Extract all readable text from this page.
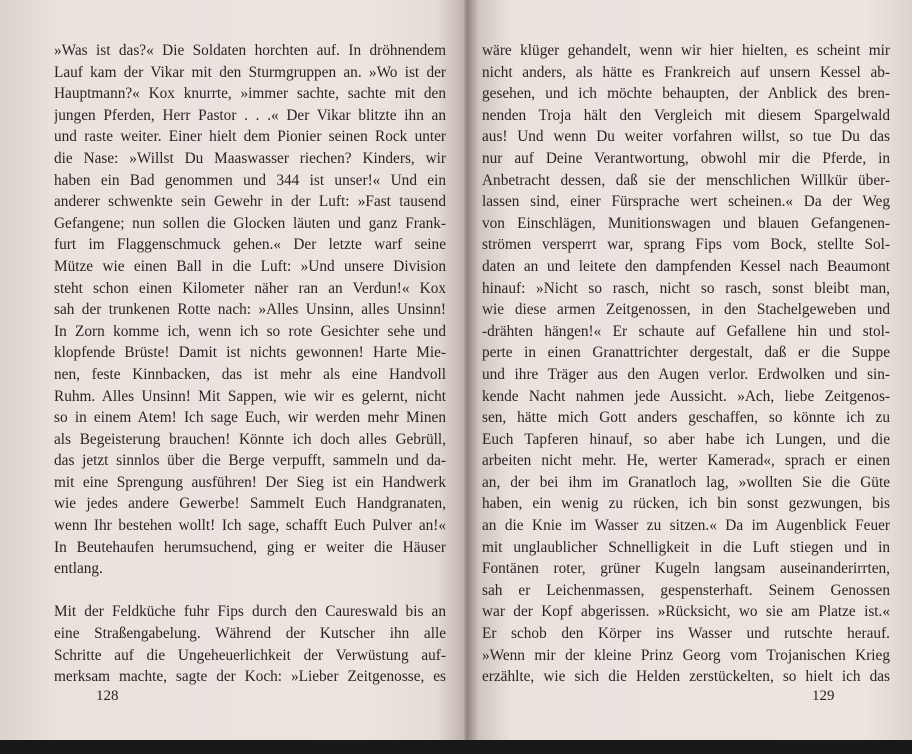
»Was ist das?« Die Soldaten horchten auf. In dröhnendem
Lauf kam der Vikar mit den Sturmgruppen an. »Wo ist der
Hauptmann?« Kox knurrte, »immer sachte, sachte mit den
jungen Pferden, Herr Pastor . . .« Der Vikar blitzte ihn an
und raste weiter. Einer hielt dem Pionier seinen Rock unter
die Nase: »Willst Du Maaswasser riechen? Kinders, wir
haben ein Bad genommen und 344 ist unser!« Und ein
anderer schwenkte sein Gewehr in der Luft: »Fast tausend
Gefangene; nun sollen die Glocken läuten und ganz Frank-
furt im Flaggenschmuck gehen.« Der letzte warf seine
Mütze wie einen Ball in die Luft: »Und unsere Division
steht schon einen Kilometer näher ran an Verdun!« Kox
sah der trunkenen Rotte nach: »Alles Unsinn, alles Unsinn!
In Zorn komme ich, wenn ich so rote Gesichter sehe und
klopfende Brüste! Damit ist nichts gewonnen! Harte Mie-
nen, feste Kinnbacken, das ist mehr als eine Handvoll
Ruhm. Alles Unsinn! Mit Sappen, wie wir es gelernt, nicht
so in einem Atem! Ich sage Euch, wir werden mehr Minen
als Begeisterung brauchen! Könnte ich doch alles Gebrüll,
das jetzt sinnlos über die Berge verpufft, sammeln und da-
mit eine Sprengung ausführen! Der Sieg ist ein Handwerk
wie jedes andere Gewerbe! Sammelt Euch Handgranaten,
wenn Ihr bestehen wollt! Ich sage, schafft Euch Pulver an!«
In Beutehaufen herumsuchend, ging er weiter die Häuser
entlang.
Mit der Feldküche fuhr Fips durch den Caureswald bis an
eine Straßengabelung. Während der Kutscher ihn alle
Schritte auf die Ungeheuerlichkeit der Verwüstung auf-
merksam machte, sagte der Koch: »Lieber Zeitgenosse, es
128
wäre klüger gehandelt, wenn wir hier hielten, es scheint mir
nicht anders, als hätte es Frankreich auf unsern Kessel ab-
gesehen, und ich möchte behaupten, der Anblick des bren-
nenden Troja hält den Vergleich mit diesem Spargelwald
aus! Und wenn Du weiter vorfahren willst, so tue Du das
nur auf Deine Verantwortung, obwohl mir die Pferde, in
Anbetracht dessen, daß sie der menschlichen Willkür über-
lassen sind, einer Fürsprache wert scheinen.« Da der Weg
von Einschlägen, Munitionswagen und blauen Gefangenen-
strömen versperrt war, sprang Fips vom Bock, stellte Sol-
daten an und leitete den dampfenden Kessel nach Beaumont
hinauf: »Nicht so rasch, nicht so rasch, sonst bleibt man,
wie diese armen Zeitgenossen, in den Stachelgeweben und
-drähten hängen!« Er schaute auf Gefallene hin und stol-
perte in einen Granattrichter dergestalt, daß er die Suppe
und ihre Träger aus den Augen verlor. Erdwolken und sin-
kende Nacht nahmen jede Aussicht. »Ach, liebe Zeitgenos-
sen, hätte mich Gott anders geschaffen, so könnte ich zu
Euch Tapferen hinauf, so aber habe ich Lungen, und die
arbeiten nicht mehr. He, werter Kamerad«, sprach er einen
an, der bei ihm im Granatloch lag, »wollten Sie die Güte
haben, ein wenig zu rücken, ich bin sonst gezwungen, bis
an die Knie im Wasser zu sitzen.« Da im Augenblick Feuer
mit unglaublicher Schnelligkeit in die Luft stiegen und in
Fontänen roter, grüner Kugeln langsam auseinanderirrten,
sah er Leichenmassen, gespensterhaft. Seinem Genossen
war der Kopf abgerissen. »Rücksicht, wo sie am Platze ist.«
Er schob den Körper ins Wasser und rutschte herauf.
»Wenn mir der kleine Prinz Georg vom Trojanischen Krieg
erzählte, wie sich die Helden zerstückelten, so hielt ich das
129
